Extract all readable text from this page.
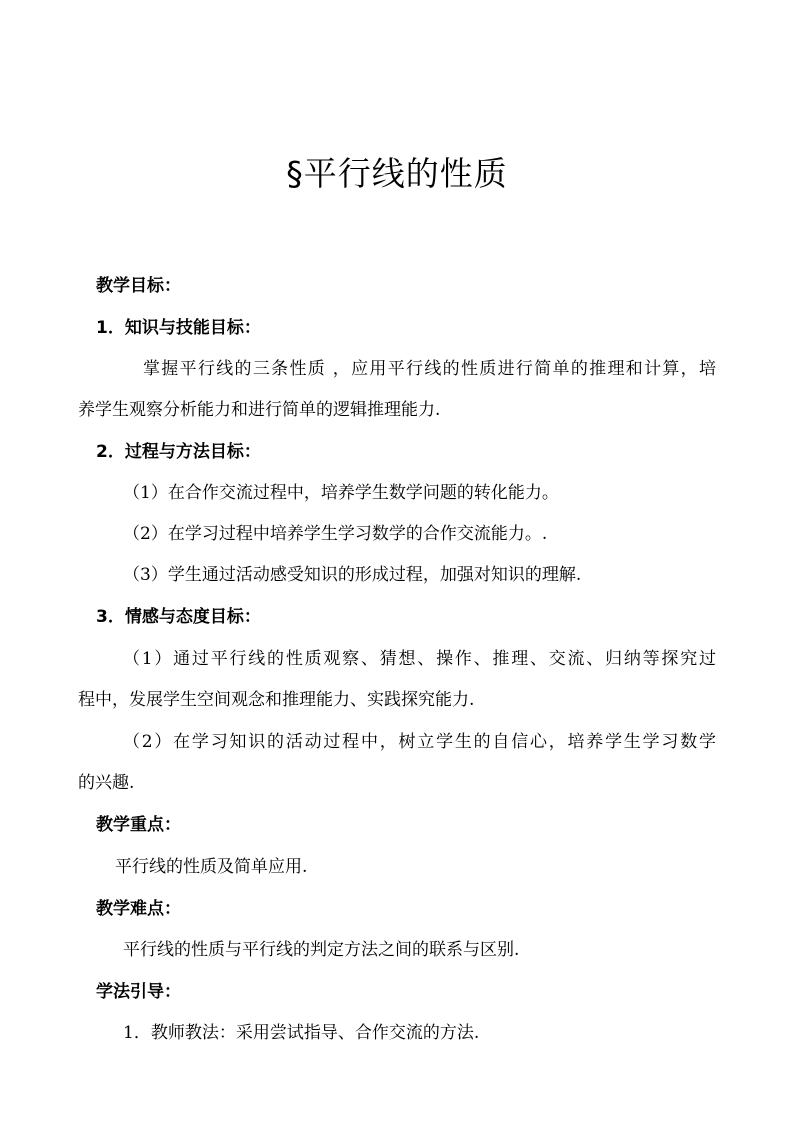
§平行线的性质

教学目标：

1．知识与技能目标：

掌握平行线的三条性质 ，应用平行线的性质进行简单的推理和计算，培

养学生观察分析能力和进行简单的逻辑推理能力.

2．过程与方法目标：

（1）在合作交流过程中，培养学生数学问题的转化能力。

（2）在学习过程中培养学生学习数学的合作交流能力。.

（3）学生通过活动感受知识的形成过程，加强对知识的理解.

3．情感与态度目标：

（1）通过平行线的性质观察、猜想、操作、推理、交流、归纳等探究过

程中，发展学生空间观念和推理能力、实践探究能力.

（2）在学习知识的活动过程中，树立学生的自信心，培养学生学习数学

的兴趣.

教学重点：

平行线的性质及简单应用.

教学难点：

平行线的性质与平行线的判定方法之间的联系与区别.

学法引导：

1．教师教法：采用尝试指导、合作交流的方法.
